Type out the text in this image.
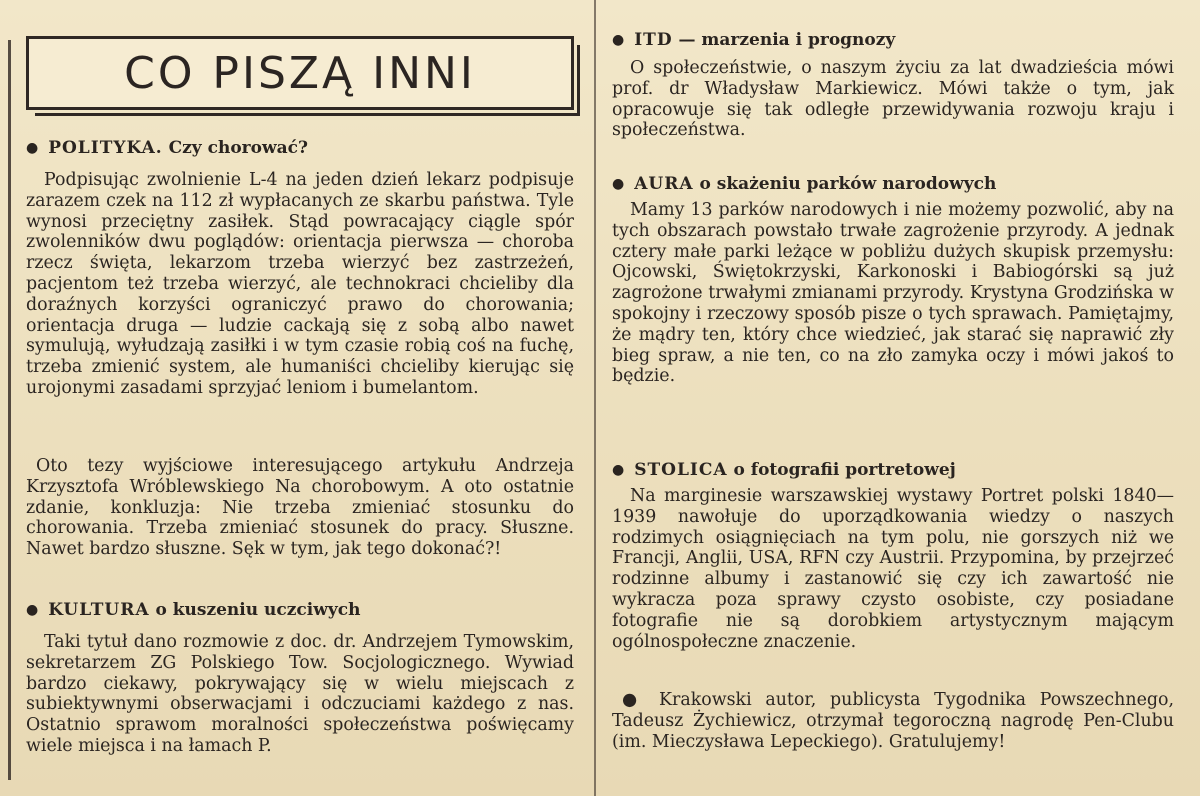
CO PISZĄ INNI
● POLITYKA. Czy chorować?

Podpisując zwolnienie L-4 na jeden dzień lekarz podpisuje zarazem czek na 112 zł wypłacanych ze skarbu państwa. Tyle wynosi przeciętny zasiłek. Stąd powracający ciągle spór zwolenników dwu poglądów: orientacja pierwsza — choroba rzecz święta, lekarzom trzeba wierzyć bez zastrzeżeń, pacjentom też trzeba wierzyć, ale technokraci chcieliby dla doraźnych korzyści ograniczyć prawo do chorowania; orientacja druga — ludzie cackają się z sobą albo nawet symulują, wyłudzają zasiłki i w tym czasie robią coś na fuchę, trzeba zmienić system, ale humaniści chcieliby kierując się urojonymi zasadami sprzyjać leniom i bumelantom.

Oto tezy wyjściowe interesującego artykułu Andrzeja Krzysztofa Wróblewskiego Na chorobowym. A oto ostatnie zdanie, konkluzja: Nie trzeba zmieniać stosunku do chorowania. Trzeba zmieniać stosunek do pracy. Słuszne. Nawet bardzo słuszne. Sęk w tym, jak tego dokonać?!

● KULTURA o kuszeniu uczciwych

Taki tytuł dano rozmowie z doc. dr. Andrzejem Tymowskim, sekretarzem ZG Polskiego Tow. Socjologicznego. Wywiad bardzo ciekawy, pokrywający się w wielu miejscach z subiektywnymi obserwacjami i odczuciami każdego z nas. Ostatnio sprawom moralności społeczeństwa poświęcamy wiele miejsca i na łamach P.

● ITD — marzenia i prognozy

O społeczeństwie, o naszym życiu za lat dwadzieścia mówi prof. dr Władysław Markiewicz. Mówi także o tym, jak opracowuje się tak odległe przewidywania rozwoju kraju i społeczeństwa.

● AURA o skażeniu parków narodowych

Mamy 13 parków narodowych i nie możemy pozwolić, aby na tych obszarach powstało trwałe zagrożenie przyrody. A jednak cztery małe parki leżące w pobliżu dużych skupisk przemysłu: Ojcowski, Świętokrzyski, Karkonoski i Babiogórski są już zagrożone trwałymi zmianami przyrody. Krystyna Grodzińska w spokojny i rzeczowy sposób pisze o tych sprawach. Pamiętajmy, że mądry ten, który chce wiedzieć, jak starać się naprawić zły bieg spraw, a nie ten, co na zło zamyka oczy i mówi jakoś to będzie.

● STOLICA o fotografii portretowej

Na marginesie warszawskiej wystawy Portret polski 1840—1939 nawołuje do uporządkowania wiedzy o naszych rodzimych osiągnięciach na tym polu, nie gorszych niż we Francji, Anglii, USA, RFN czy Austrii. Przypomina, by przejrzeć rodzinne albumy i zastanowić się czy ich zawartość nie wykracza poza sprawy czysto osobiste, czy posiadane fotografie nie są dorobkiem artystycznym mającym ogólnospołeczne znaczenie.

● Krakowski autor, publicysta Tygodnika Powszechnego, Tadeusz Żychiewicz, otrzymał tegoroczną nagrodę Pen-Clubu (im. Mieczysława Lepeckiego). Gratulujemy!
